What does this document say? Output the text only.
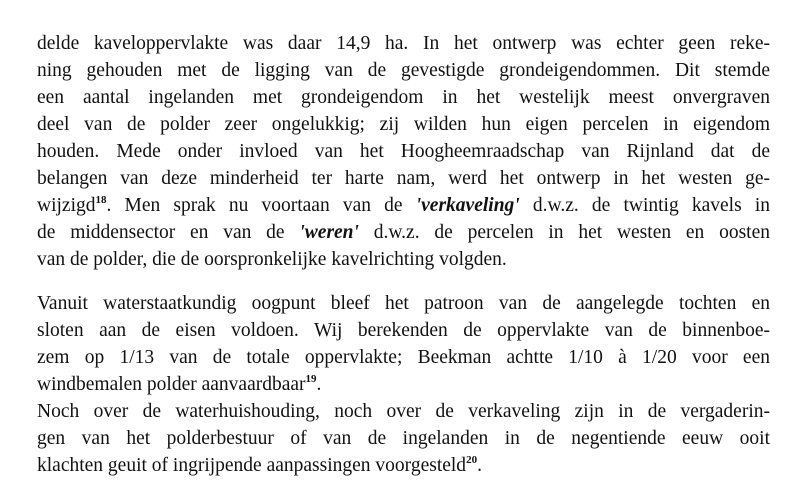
delde kaveloppervlakte was daar 14,9 ha. In het ontwerp was echter geen reke-
ning gehouden met de ligging van de gevestigde grondeigendommen. Dit stemde
een aantal ingelanden met grondeigendom in het westelijk meest onvergraven
deel van de polder zeer ongelukkig; zij wilden hun eigen percelen in eigendom
houden. Mede onder invloed van het Hoogheemraadschap van Rijnland dat de
belangen van deze minderheid ter harte nam, werd het ontwerp in het westen ge-
wijzigd$^{18}$. Men sprak nu voortaan van de 'verkaveling' d.w.z. de twintig kavels in
de middensector en van de 'weren' d.w.z. de percelen in het westen en oosten
van de polder, die de oorspronkelijke kavelrichting volgden.
Vanuit waterstaatkundig oogpunt bleef het patroon van de aangelegde tochten en
sloten aan de eisen voldoen. Wij berekenden de oppervlakte van de binnenboe-
zem op 1/13 van de totale oppervlakte; Beekman achtte 1/10 à 1/20 voor een
windbemalen polder aanvaardbaar$^{19}$.
Noch over de waterhuishouding, noch over de verkaveling zijn in de vergaderin-
gen van het polderbestuur of van de ingelanden in de negentiende eeuw ooit
klachten geuit of ingrijpende aanpassingen voorgesteld$^{20}$.
